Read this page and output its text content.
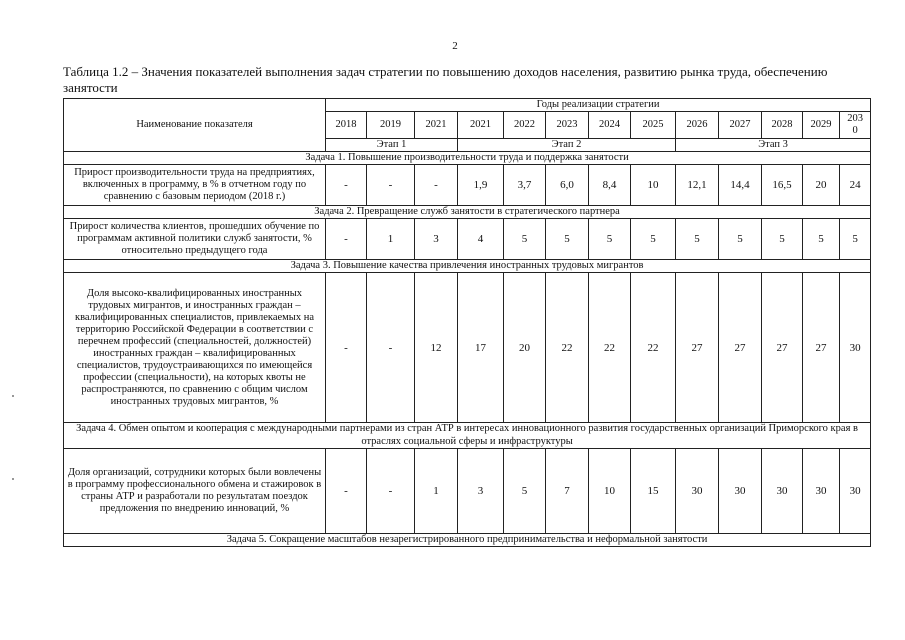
2
Таблица 1.2 – Значения показателей выполнения задач стратегии по повышению доходов населения, развитию рынка труда, обеспечению занятости
Наименование показателя	Годы реализации стратегии												
	2018	2019	2021	2021	2022	2023	2024	2025	2026	2027	2028	2029	2030
	Этап 1			Этап 2					Этап 3				
Задача 1. Повышение производительности труда и поддержка занятости													
Прирост производительности труда на предприятиях, включенных в программу, в % в отчетном году по сравнению с базовым периодом (2018 г.)	-	-	-	1,9	3,7	6,0	8,4	10	12,1	14,4	16,5	20	24
Задача 2. Превращение служб занятости в стратегического партнера													
Прирост количества клиентов, прошедших обучение по программам активной политики служб занятости, % относительно предыдущего года	-	1	3	4	5	5	5	5	5	5	5	5	5
Задача 3. Повышение качества привлечения иностранных трудовых мигрантов													
Доля высоко-квалифицированных иностранных трудовых мигрантов, и иностранных граждан – квалифицированных специалистов, привлекаемых на территорию Российской Федерации в соответствии с перечнем профессий (специальностей, должностей) иностранных граждан – квалифицированных специалистов, трудоустраивающихся по имеющейся профессии (специальности), на которых квоты не распространяются, по сравнению с общим числом иностранных трудовых мигрантов, %	-	-	12	17	20	22	22	22	27	27	27	27	30
Задача 4. Обмен опытом и кооперация с международными партнерами из стран АТР в интересах инновационного развития государственных организаций Приморского края в отраслях социальной сферы и инфраструктуры													
Доля организаций, сотрудники которых были вовлечены в программу профессионального обмена и стажировок в страны АТР и разработали по результатам поездок предложения по внедрению инноваций, %	-	-	1	3	5	7	10	15	30	30	30	30	30
Задача 5. Сокращение масштабов незарегистрированного предпринимательства и неформальной занятости													
